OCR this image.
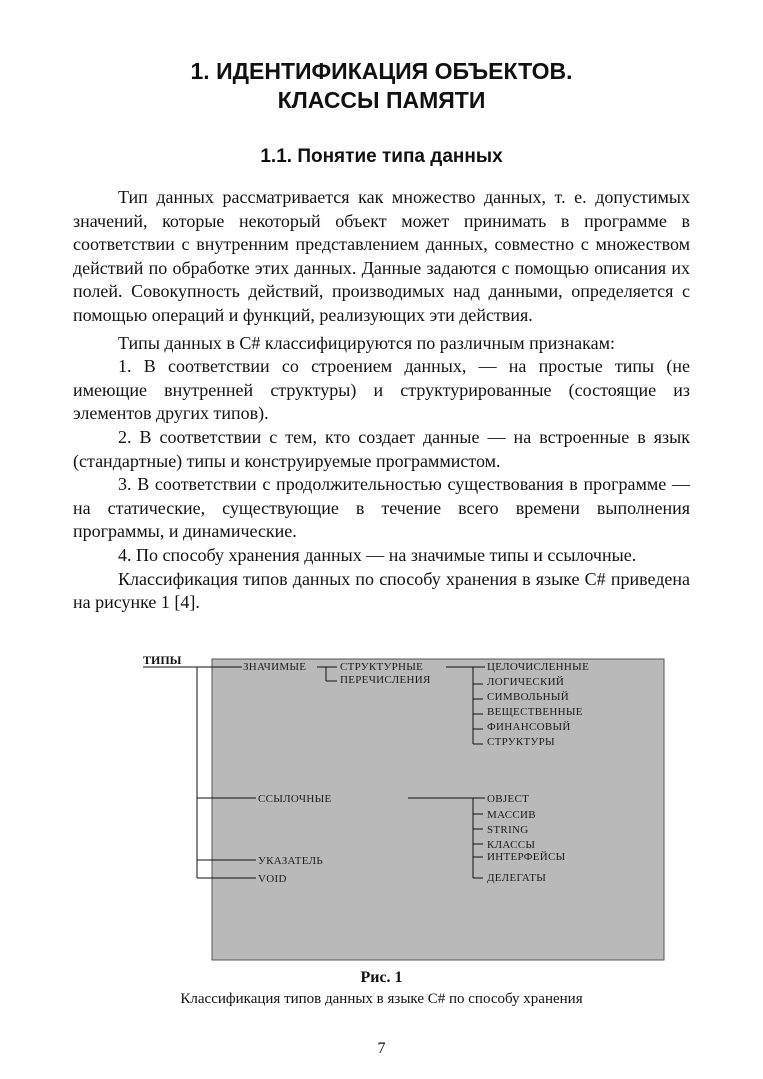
1. ИДЕНТИФИКАЦИЯ ОБЪЕКТОВ.
КЛАССЫ ПАМЯТИ
1.1. Понятие типа данных

Тип данных рассматривается как множество данных, т. е. допустимых значений, которые некоторый объект может принимать в программе в соответствии с внутренним представлением данных, совместно с множеством действий по обработке этих данных. Данные задаются с помощью описания их полей. Совокупность действий, производимых над данными, определяется с помощью операций и функций, реализующих эти действия.

Типы данных в C# классифицируются по различным признакам:

1. В соответствии со строением данных, — на простые типы (не имеющие внутренней структуры) и структурированные (состоящие из элементов других типов).

2. В соответствии с тем, кто создает данные — на встроенные в язык (стандартные) типы и конструируемые программистом.

3. В соответствии с продолжительностью существования в программе — на статические, существующие в течение всего времени выполнения программы, и динамические.

4. По способу хранения данных — на значимые типы и ссылочные.

Классификация типов данных по способу хранения в языке C# приведена на рисунке 1 [4].

ТИПЫ	ЗНАЧИМЫЕ
ССЫЛОЧНЫЕ
УКАЗАТЕЛЬ
VOID
СТРУКТУРНЫЕ
ПЕРЕЧИСЛЕНИЯ
ЦЕЛОЧИСЛЕННЫЕ
ЛОГИЧЕСКИЙ
СИМВОЛЬНЫЙ
ВЕЩЕСТВЕННЫЕ
ФИНАНСОВЫЙ
СТРУКТУРЫ
OBJECT
МАССИВ
STRING
КЛАССЫ
ИНТЕРФЕЙСЫ
ДЕЛЕГАТЫ
Рис. 1
Классификация типов данных в языке C# по способу хранения
7
